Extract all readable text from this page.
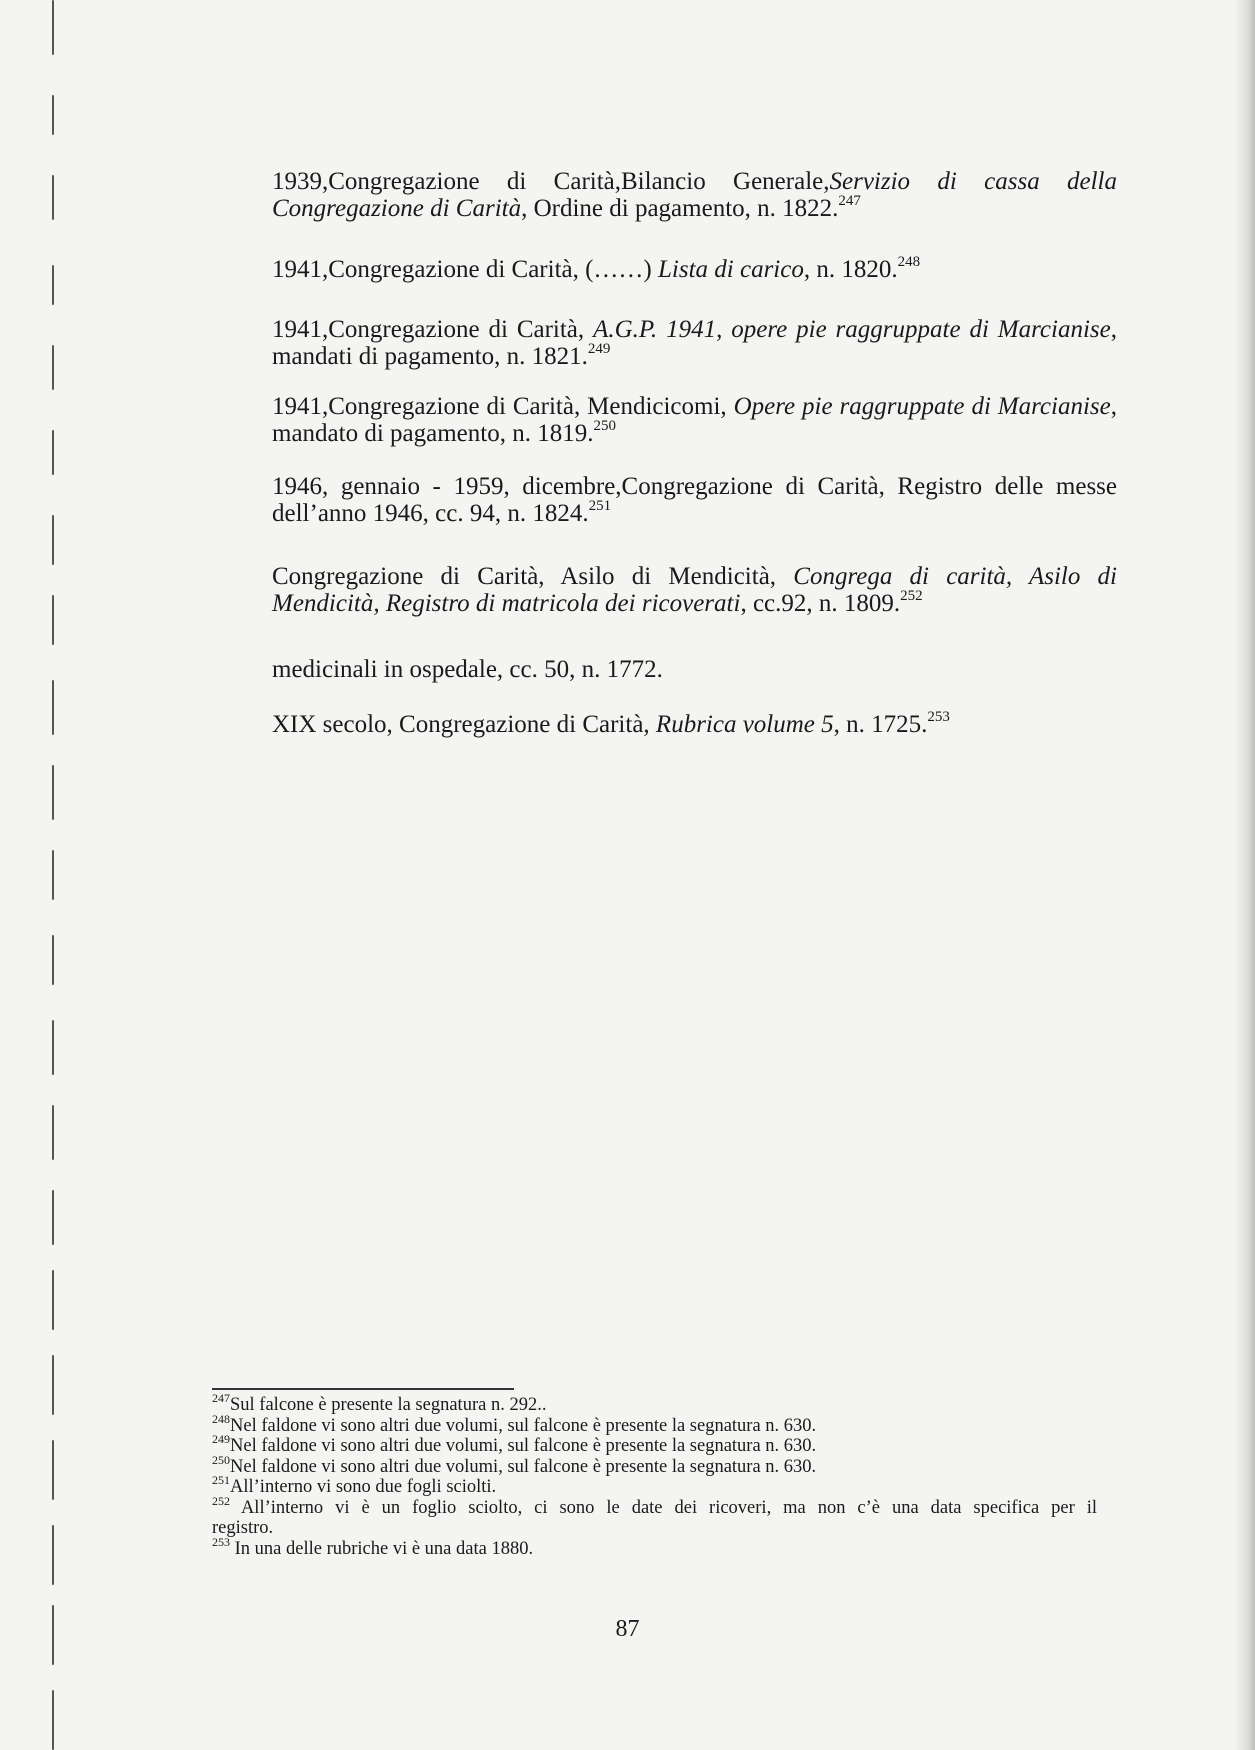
1939,Congregazione di Carità,Bilancio Generale,Servizio di cassa della
Congregazione di Carità, Ordine di pagamento, n. 1822.$^{247}$
1941,Congregazione di Carità, (……) Lista di carico, n. 1820.$^{248}$
1941,Congregazione di Carità, A.G.P. 1941, opere pie raggruppate di Marcianise,
mandati di pagamento, n. 1821.$^{249}$
1941,Congregazione di Carità, Mendicicomi, Opere pie raggruppate di Marcianise,
mandato di pagamento, n. 1819.$^{250}$
1946, gennaio - 1959, dicembre,Congregazione di Carità, Registro delle messe
dell’anno 1946, cc. 94, n. 1824.$^{251}$
Congregazione di Carità, Asilo di Mendicità, Congrega di carità, Asilo di
Mendicità, Registro di matricola dei ricoverati, cc.92, n. 1809.$^{252}$
medicinali in ospedale, cc. 50, n. 1772.
XIX secolo, Congregazione di Carità, Rubrica volume 5, n. 1725.$^{253}$
$^{247}$Sul falcone è presente la segnatura n. 292..
$^{248}$Nel faldone vi sono altri due volumi, sul falcone è presente la segnatura n. 630.
$^{249}$Nel faldone vi sono altri due volumi, sul falcone è presente la segnatura n. 630.
$^{250}$Nel faldone vi sono altri due volumi, sul falcone è presente la segnatura n. 630.
$^{251}$All’interno vi sono due fogli sciolti.
$^{252}$ All’interno vi è un foglio sciolto, ci sono le date dei ricoveri, ma non c’è una data specifica per il
registro.
$^{253}$ In una delle rubriche vi è una data 1880.
87
